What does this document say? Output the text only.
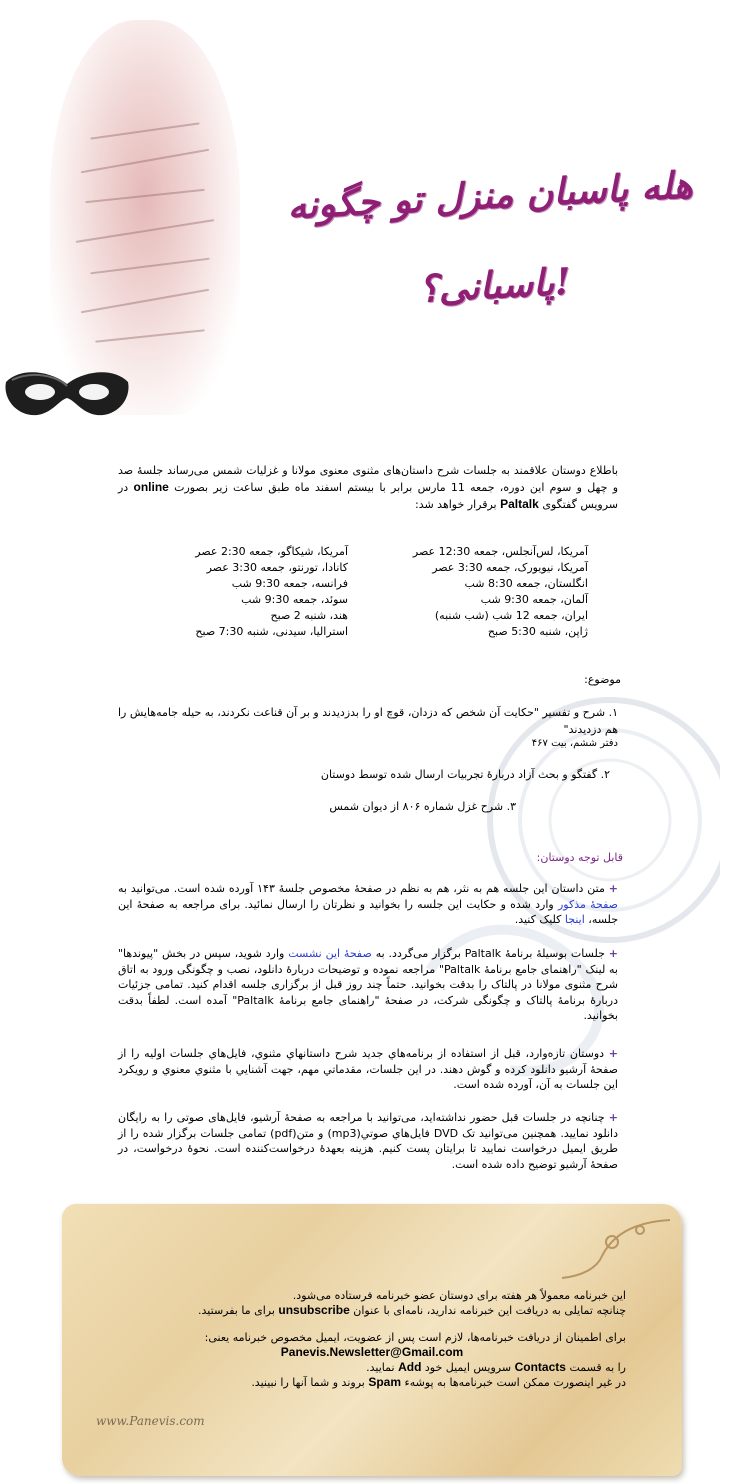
هله پاسبان منزل تو چگونه پاسبانی؟!

باطلاع دوستان علاقمند به جلسات شرح داستان‌های مثنوی معنوی مولانا و غزلیات شمس می‌رساند جلسهٔ صد و چهل و سوم این دوره، جمعه 11 مارس برابر با بیستم اسفند ماه طبق ساعت زیر بصورت online در سرویس گفتگوی Paltalk برقرار خواهد شد:

آمریکا، لس‌آنجلس، جمعه 12:30 عصر
آمریکا، نیویورک، جمعه 3:30 عصر
انگلستان، جمعه 8:30 شب
آلمان، جمعه 9:30 شب
ایران، جمعه 12 شب (شب شنبه)
ژاپن، شنبه 5:30 صبح
آمریکا، شیکاگو، جمعه 2:30 عصر
کانادا، تورنتو، جمعه 3:30 عصر
فرانسه، جمعه 9:30 شب
سوئد، جمعه 9:30 شب
هند، شنبه 2 صبح
استرالیا، سیدنی، شنبه 7:30 صبح
موضوع:
۱. شرح و تفسیر "حکایت آن شخص که دزدان، قوچ او را بدزدیدند و بر آن قناعت نکردند، به حیله جامه‌هایش را هم دزدیدند"
دفتر ششم، بیت ۴۶۷
۲. گفتگو و بحث آزاد دربارهٔ تجربیات ارسال شده توسط دوستان
۳. شرح غزل شماره ۸۰۶ از دیوان شمس
قابل توجه دوستان:

+ متن داستان این جلسه هم به نثر، هم به نظم در صفحهٔ مخصوص جلسهٔ ۱۴۳ آورده شده است. می‌توانید به صفحهٔ مذکور وارد شده و حکایت این جلسه را بخوانید و نظرتان را ارسال نمائید. برای مراجعه به صفحهٔ این جلسه، اینجا کلیک کنید.

+ جلسات بوسیلهٔ برنامهٔ Paltalk برگزار می‌گردد. به صفحهٔ این نشست وارد شوید، سپس در بخش "پیوندها" به لینک "راهنمای جامع برنامهٔ Paltalk" مراجعه نموده و توضیحات دربارهٔ دانلود، نصب و چگونگی ورود به اتاق شرح مثنوی مولانا در پالتاک را بدقت بخوانید. حتماً چند روز قبل از برگزاری جلسه اقدام کنید. تمامی جزئیات دربارهٔ برنامهٔ پالتاک و چگونگی شرکت، در صفحهٔ "راهنمای جامع برنامهٔ Paltalk" آمده است. لطفاً بدقت بخوانید.

+ دوستان تازه‌وارد، قبل از استفاده از برنامه‌هاي جديد شرح داستانهاي مثنوي، فايل‌هاي جلسات اوليه را از صفحهٔ آرشيو دانلود کرده و گوش دهند. در اين جلسات، مقدماتي مهم، جهت آشنايي با مثنوي معنوي و رويکرد اين جلسات به آن، آورده شده است.

+ چنانچه در جلسات قبل حضور نداشته‌اید، می‌توانید با مراجعه به صفحهٔ آرشیو، فایل‌های صوتی را به رایگان دانلود نمایید. همچنین می‌توانید تک DVD فایل‌هاي صوتي(mp3) و متن(pdf) تمامی جلسات برگزار شده را از طریق ایمیل درخواست نمایید تا برایتان پست کنیم. هزینه بعهدهٔ درخواست‌کننده است. نحوهٔ درخواست، در صفحهٔ آرشیو توضیح داده شده است.

این خبرنامه معمولاً هر هفته برای دوستان عضو خبرنامه فرستاده می‌شود.

چنانچه تمایلی به دریافت این خبرنامه ندارید، نامه‌ای با عنوان unsubscribe برای ما بفرستید.

برای اطمینان از دریافت خبرنامه‌ها، لازم است پس از عضویت، ایمیل مخصوص خبرنامه یعنی:

Panevis.Newsletter@Gmail.com

را به قسمت Contacts سرویس ایمیل خود Add نمایید.

در غیر اینصورت ممکن است خبرنامه‌ها به پوشهء Spam بروند و شما آنها را نبینید.

www.Panevis.com
